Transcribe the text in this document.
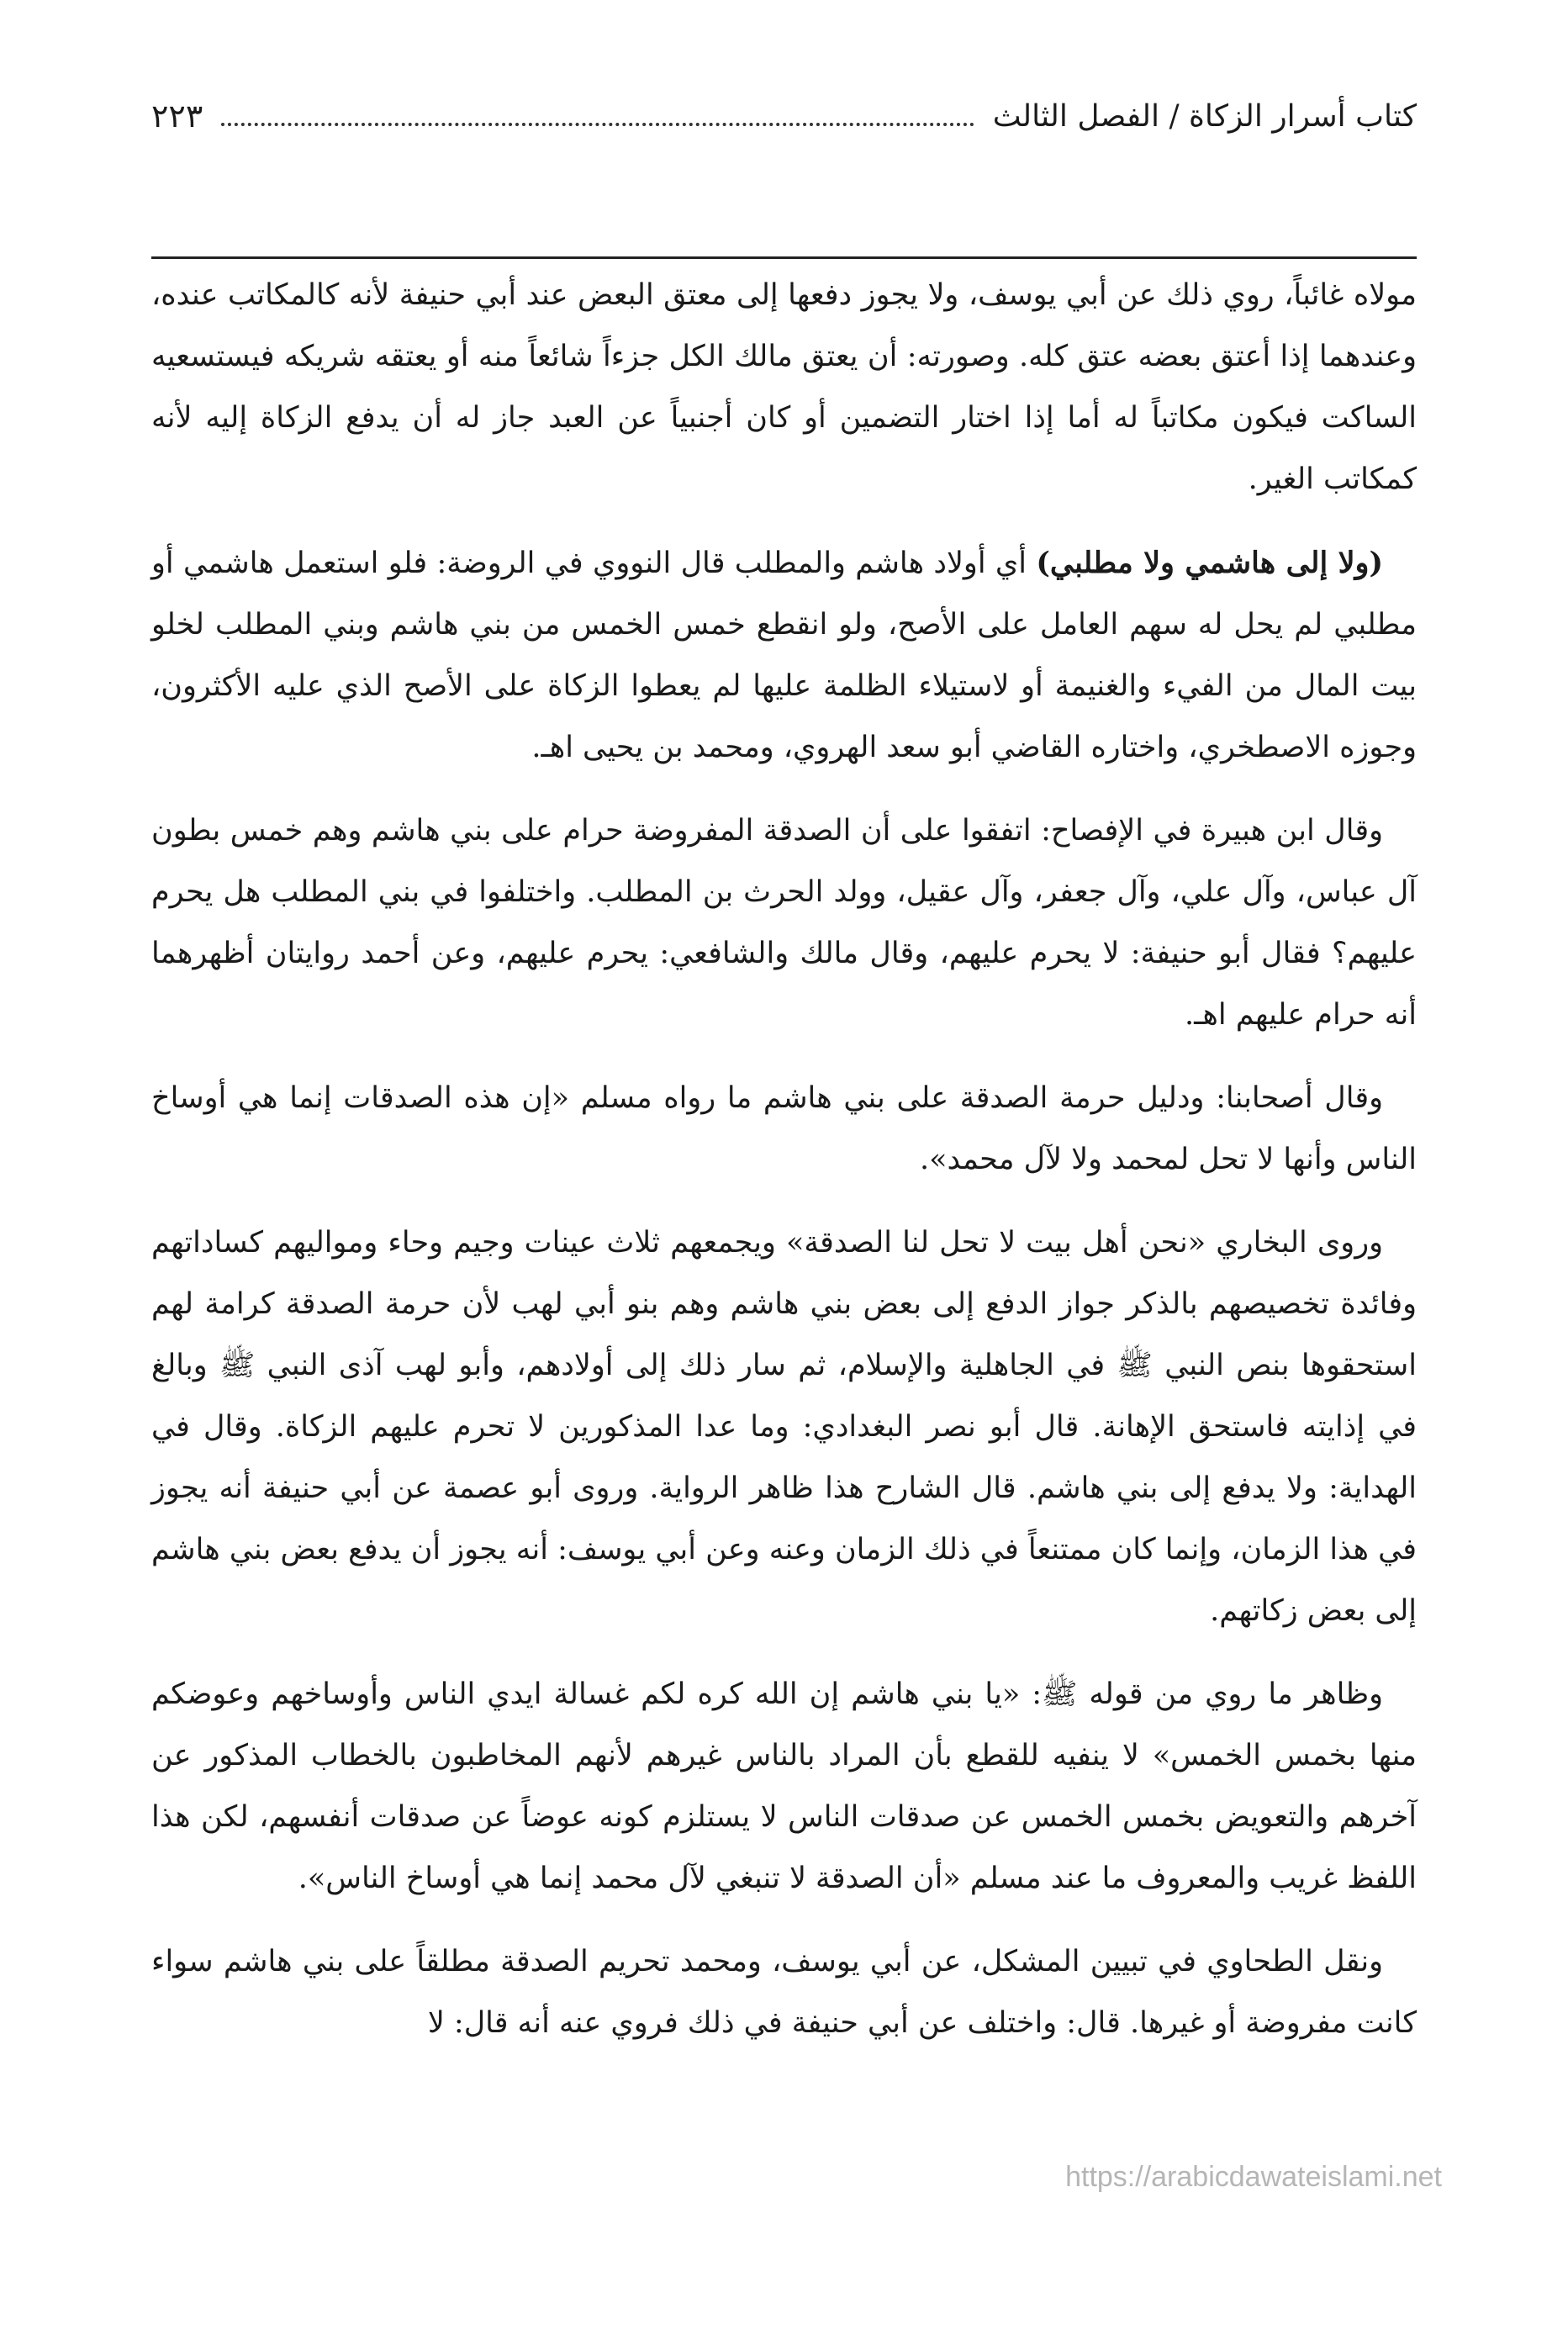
كتاب أسرار الزكاة / الفصل الثالث
٢٢٣

مولاه غائباً، روي ذلك عن أبي يوسف، ولا يجوز دفعها إلى معتق البعض عند أبي حنيفة لأنه كالمكاتب عنده، وعندهما إذا أعتق بعضه عتق كله. وصورته: أن يعتق مالك الكل جزءاً شائعاً منه أو يعتقه شريكه فيستسعيه الساكت فيكون مكاتباً له أما إذا اختار التضمين أو كان أجنبياً عن العبد جاز له أن يدفع الزكاة إليه لأنه كمكاتب الغير.

(ولا إلى هاشمي ولا مطلبي) أي أولاد هاشم والمطلب قال النووي في الروضة: فلو استعمل هاشمي أو مطلبي لم يحل له سهم العامل على الأصح، ولو انقطع خمس الخمس من بني هاشم وبني المطلب لخلو بيت المال من الفيء والغنيمة أو لاستيلاء الظلمة عليها لم يعطوا الزكاة على الأصح الذي عليه الأكثرون، وجوزه الاصطخري، واختاره القاضي أبو سعد الهروي، ومحمد بن يحيى اهـ.

وقال ابن هبيرة في الإفصاح: اتفقوا على أن الصدقة المفروضة حرام على بني هاشم وهم خمس بطون آل عباس، وآل علي، وآل جعفر، وآل عقيل، وولد الحرث بن المطلب. واختلفوا في بني المطلب هل يحرم عليهم؟ فقال أبو حنيفة: لا يحرم عليهم، وقال مالك والشافعي: يحرم عليهم، وعن أحمد روايتان أظهرهما أنه حرام عليهم اهـ.

وقال أصحابنا: ودليل حرمة الصدقة على بني هاشم ما رواه مسلم «إن هذه الصدقات إنما هي أوساخ الناس وأنها لا تحل لمحمد ولا لآل محمد».

وروى البخاري «نحن أهل بيت لا تحل لنا الصدقة» ويجمعهم ثلاث عينات وجيم وحاء ومواليهم كساداتهم وفائدة تخصيصهم بالذكر جواز الدفع إلى بعض بني هاشم وهم بنو أبي لهب لأن حرمة الصدقة كرامة لهم استحقوها بنص النبي ﷺ في الجاهلية والإسلام، ثم سار ذلك إلى أولادهم، وأبو لهب آذى النبي ﷺ وبالغ في إذايته فاستحق الإهانة. قال أبو نصر البغدادي: وما عدا المذكورين لا تحرم عليهم الزكاة. وقال في الهداية: ولا يدفع إلى بني هاشم. قال الشارح هذا ظاهر الرواية. وروى أبو عصمة عن أبي حنيفة أنه يجوز في هذا الزمان، وإنما كان ممتنعاً في ذلك الزمان وعنه وعن أبي يوسف: أنه يجوز أن يدفع بعض بني هاشم إلى بعض زكاتهم.

وظاهر ما روي من قوله ﷺ: «يا بني هاشم إن الله كره لكم غسالة ايدي الناس وأوساخهم وعوضكم منها بخمس الخمس» لا ينفيه للقطع بأن المراد بالناس غيرهم لأنهم المخاطبون بالخطاب المذكور عن آخرهم والتعويض بخمس الخمس عن صدقات الناس لا يستلزم كونه عوضاً عن صدقات أنفسهم، لكن هذا اللفظ غريب والمعروف ما عند مسلم «أن الصدقة لا تنبغي لآل محمد إنما هي أوساخ الناس».

ونقل الطحاوي في تبيين المشكل، عن أبي يوسف، ومحمد تحريم الصدقة مطلقاً على بني هاشم سواء كانت مفروضة أو غيرها. قال: واختلف عن أبي حنيفة في ذلك فروي عنه أنه قال: لا

https://arabicdawateislami.net
